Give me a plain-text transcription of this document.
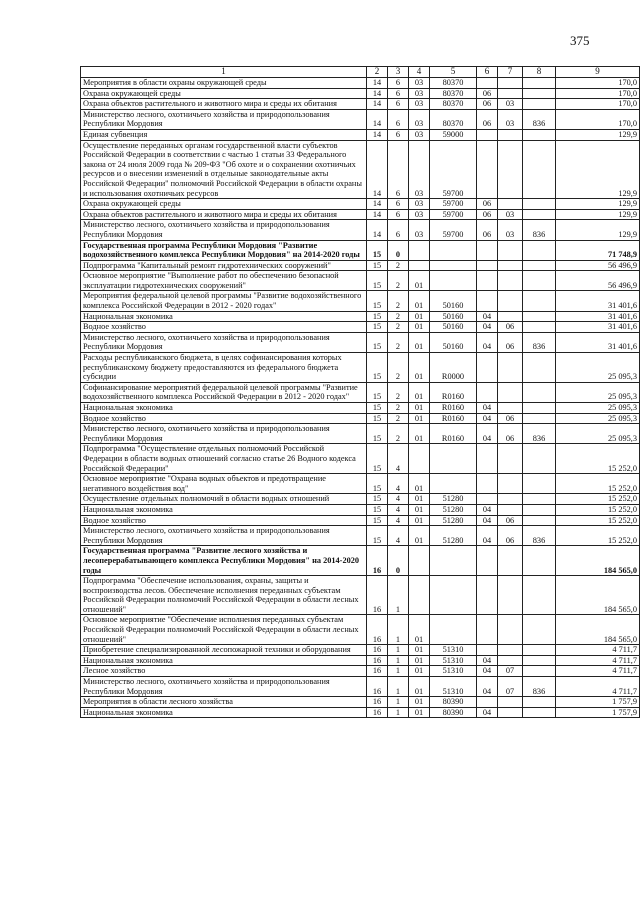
375
1	2	3	4	5	6	7	8	9
Мероприятия в области охраны окружающей среды	14	6	03	80370				170,0
Охрана окружающей среды	14	6	03	80370	06			170,0
Охрана объектов растительного и животного мира и среды их обитания	14	6	03	80370	06	03		170,0
Министерство лесного, охотничьего хозяйства и природопользования Республики Мордовия	14	6	03	80370	06	03	836	170,0
Единая субвенция	14	6	03	59000				129,9
Осуществление переданных органам государственной власти субъектов Российской Федерации в соответствии с частью 1 статьи 33 Федерального закона от 24 июля 2009 года № 209-ФЗ "Об охоте и о сохранении охотничьих ресурсов и о внесении изменений в отдельные законодательные акты Российской Федерации" полномочий Российской Федерации в области охраны и использования охотничьих ресурсов	14	6	03	59700				129,9
Охрана окружающей среды	14	6	03	59700	06			129,9
Охрана объектов растительного и животного мира и среды их обитания	14	6	03	59700	06	03		129,9
Министерство лесного, охотничьего хозяйства и природопользования Республики Мордовия	14	6	03	59700	06	03	836	129,9
Государственная программа Республики Мордовия "Развитие водохозяйственного комплекса Республики Мордовия" на 2014-2020 годы	15	0						71 748,9
Подпрограмма "Капитальный ремонт гидротехнических сооружений"	15	2						56 496,9
Основное мероприятие "Выполнение работ по обеспечению безопасной эксплуатации гидротехнических сооружений"	15	2	01					56 496,9
Мероприятия федеральной целевой программы "Развитие водохозяйственного комплекса Российской Федерации в 2012 - 2020 годах"	15	2	01	50160				31 401,6
Национальная экономика	15	2	01	50160	04			31 401,6
Водное хозяйство	15	2	01	50160	04	06		31 401,6
Министерство лесного, охотничьего хозяйства и природопользования Республики Мордовия	15	2	01	50160	04	06	836	31 401,6
Расходы республиканского бюджета, в целях софинансирования которых республиканскому бюджету предоставляются из федерального бюджета субсидии	15	2	01	R0000				25 095,3
Софинансирование мероприятий федеральной целевой программы "Развитие водохозяйственного комплекса Российской Федерации в 2012 - 2020 годах"	15	2	01	R0160				25 095,3
Национальная экономика	15	2	01	R0160	04			25 095,3
Водное хозяйство	15	2	01	R0160	04	06		25 095,3
Министерство лесного, охотничьего хозяйства и природопользования Республики Мордовия	15	2	01	R0160	04	06	836	25 095,3
Подпрограмма "Осуществление отдельных полномочий Российской Федерации в области водных отношений согласно статье 26 Водного кодекса Российской Федерации"	15	4						15 252,0
Основное мероприятие "Охрана водных объектов и предотвращение негативного воздействия вод"	15	4	01					15 252,0
Осуществление отдельных полномочий в области водных отношений	15	4	01	51280				15 252,0
Национальная экономика	15	4	01	51280	04			15 252,0
Водное хозяйство	15	4	01	51280	04	06		15 252,0
Министерство лесного, охотничьего хозяйства и природопользования Республики Мордовия	15	4	01	51280	04	06	836	15 252,0
Государственная программа "Развитие лесного хозяйства и лесоперерабатывающего комплекса Республики Мордовия" на 2014-2020 годы	16	0						184 565,0
Подпрограмма "Обеспечение использования, охраны, защиты и воспроизводства лесов. Обеспечение исполнения переданных субъектам Российской Федерации полномочий Российской Федерации в области лесных отношений"	16	1						184 565,0
Основное мероприятие "Обеспечение исполнения переданных субъектам Российской Федерации полномочий Российской Федерации в области лесных отношений"	16	1	01					184 565,0
Приобретение специализированной лесопожарной техники и оборудования	16	1	01	51310				4 711,7
Национальная экономика	16	1	01	51310	04			4 711,7
Лесное хозяйство	16	1	01	51310	04	07		4 711,7
Министерство лесного, охотничьего хозяйства и природопользования Республики Мордовия	16	1	01	51310	04	07	836	4 711,7
Мероприятия в области лесного хозяйства	16	1	01	80390				1 757,9
Национальная экономика	16	1	01	80390	04			1 757,9
